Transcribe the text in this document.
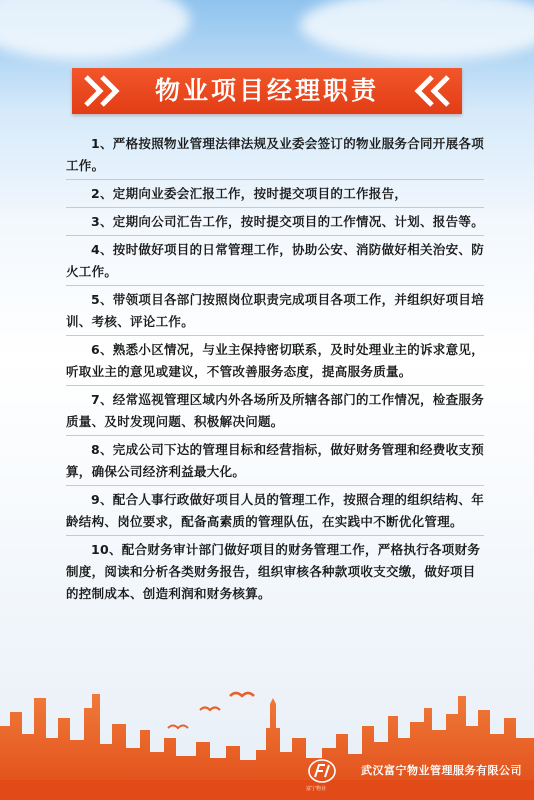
物业项目经理职责

1、严格按照物业管理法律法规及业委会签订的物业服务合同开展各项工作。

2、定期向业委会汇报工作，按时提交项目的工作报告，

3、定期向公司汇告工作，按时提交项目的工作情况、计划、报告等。

4、按时做好项目的日常管理工作，协助公安、消防做好相关治安、防火工作。

5、带领项目各部门按照岗位职责完成项目各项工作，并组织好项目培训、考核、评论工作。

6、熟悉小区情况，与业主保持密切联系，及时处理业主的诉求意见，听取业主的意见或建议，不管改善服务态度，提高服务质量。

7、经常巡视管理区域内外各场所及所辖各部门的工作情况，检查服务质量、及时发现问题、积极解决问题。

8、完成公司下达的管理目标和经营指标，做好财务管理和经费收支预算，确保公司经济利益最大化。

9、配合人事行政做好项目人员的管理工作，按照合理的组织结构、年龄结构、岗位要求，配备高素质的管理队伍，在实践中不断优化管理。

10、配合财务审计部门做好项目的财务管理工作，严格执行各项财务制度，阅读和分析各类财务报告，组织审核各种款项收支交缴，做好项目的控制成本、创造利润和财务核算。

富宁物业
武汉富宁物业管理服务有限公司
